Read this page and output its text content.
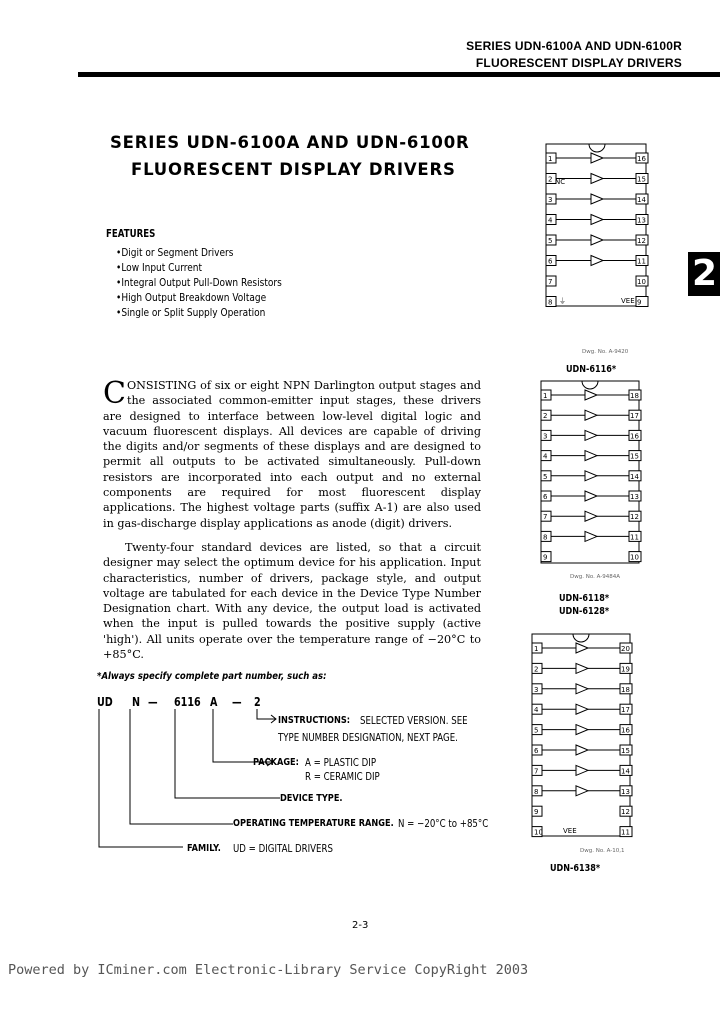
SERIES UDN-6100A AND UDN-6100R
FLUORESCENT DISPLAY DRIVERS
SERIES UDN-6100A AND UDN-6100R
FLUORESCENT DISPLAY DRIVERS
FEATURES
•Digit or Segment Drivers
•Low Input Current
•Integral Output Pull-Down Resistors
•High Output Breakdown Voltage
•Single or Split Supply Operation
CONSISTING of six or eight NPN Darlington output stages and the associated common-emitter input stages, these drivers are designed to interface between low-level digital logic and vacuum fluorescent displays. All devices are capable of driving the digits and/or segments of these displays and are designed to permit all outputs to be activated simultaneously. Pull-down resistors are incorporated into each output and no external components are required for most fluorescent display applications. The highest voltage parts (suffix A-1) are also used in gas-discharge display applications as anode (digit) drivers.
Twenty-four standard devices are listed, so that a circuit designer may select the optimum device for his application. Input characteristics, number of drivers, package style, and output voltage are tabulated for each device in the Device Type Number Designation chart. With any device, the output load is activated when the input is pulled towards the positive supply (active 'high'). All units operate over the temperature range of −20°C to +85°C.
*Always specify complete part number, such as:
UD N — 6116 A — 2
INSTRUCTIONS: SELECTED VERSION. SEE
TYPE NUMBER DESIGNATION, NEXT PAGE.
PACKAGE: A = PLASTIC DIP
R = CERAMIC DIP
DEVICE TYPE.
OPERATING TEMPERATURE RANGE. N = −20°C to +85°C
FAMILY. UD = DIGITAL DRIVERS
1	16
2	15
3	14
4	13
5	12
6	11
7	10
8	9
NC
⏚	VEE
Dwg. No. A-9420
UDN-6116*
1	18
2	17
3	16
4	15
5	14
6	13
7	12
8	11
9	10
Dwg. No. A-9484A
UDN-6118*
UDN-6128*
1	20
2	19
3	18
4	17
5	16
6	15
7	14
8	13
9	12
10	11
VEE
Dwg. No. A-10,1
UDN-6138*
2
2-3
Powered by ICminer.com Electronic-Library Service CopyRight 2003
